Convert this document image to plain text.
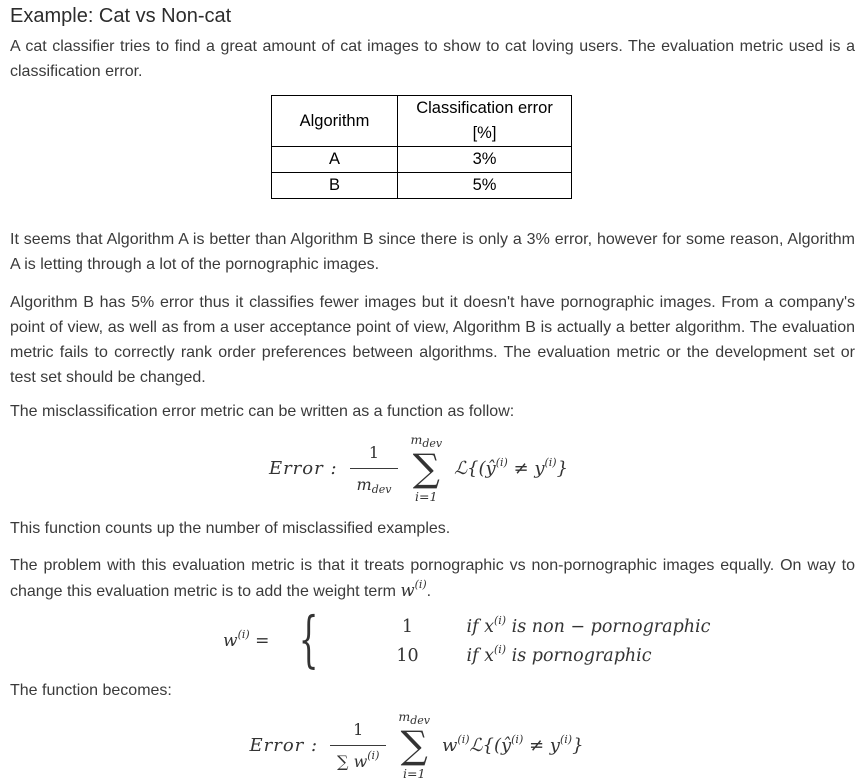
Example: Cat vs Non-cat

A cat classifier tries to find a great amount of cat images to show to cat loving users. The evaluation metric used is a classification error.

Algorithm	Classification error [%]
A	3%
B	5%

It seems that Algorithm A is better than Algorithm B since there is only a 3% error, however for some reason, Algorithm A is letting through a lot of the pornographic images.

Algorithm B has 5% error thus it classifies fewer images but it doesn't have pornographic images. From a company's point of view, as well as from a user acceptance point of view, Algorithm B is actually a better algorithm. The evaluation metric fails to correctly rank order preferences between algorithms. The evaluation metric or the development set or test set should be changed.

The misclassification error metric can be written as a function as follow:

Error : $\frac{1}{m_{dev}} m_{dev}$
∑
i=1
$ℒ\{(ŷ^{(i)} \ne y^{(i)}\}$

This function counts up the number of misclassified examples.

The problem with this evaluation metric is that it treats pornographic vs non-pornographic images equally. On way to change this evaluation metric is to add the weight term $w^{(i)}$.

$w^{(i)}$ = {	1	if $x^{(i)}$ is non − pornographic
10	if $x^{(i)}$ is pornographic

The function becomes:

Error : $\frac{1}{\sum w^{(i)}} m_{dev}$
∑
i=1
$w^{(i)}ℒ\{(ŷ^{(i)} \ne y^{(i)}\}$
